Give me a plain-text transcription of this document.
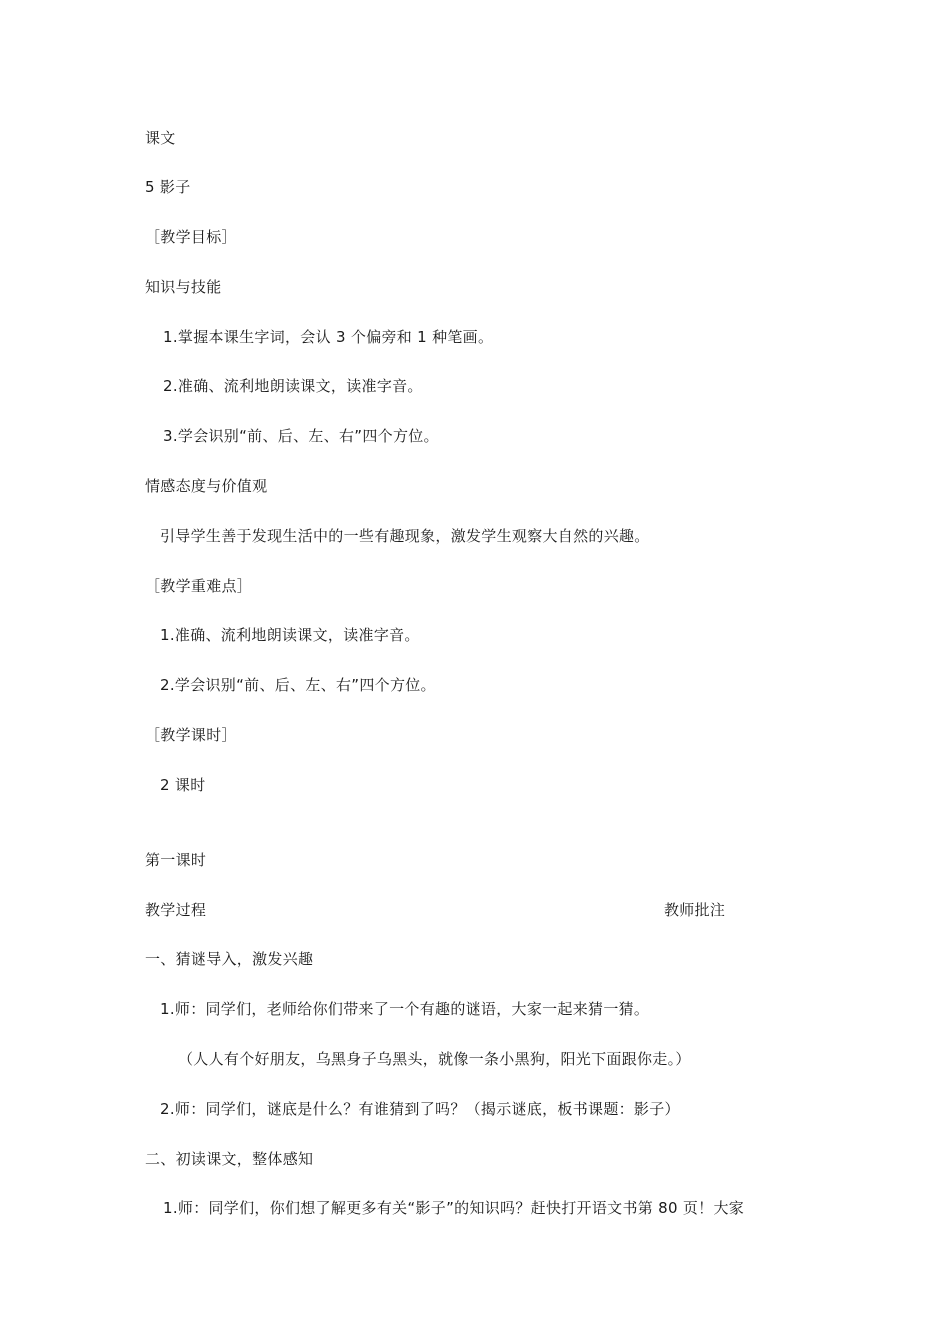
课文
5 影子
［教学目标］
知识与技能
1.掌握本课生字词，会认 3 个偏旁和 1 种笔画。
2.准确、流利地朗读课文，读准字音。
3.学会识别“前、后、左、右”四个方位。
情感态度与价值观
引导学生善于发现生活中的一些有趣现象，激发学生观察大自然的兴趣。
［教学重难点］
1.准确、流利地朗读课文，读准字音。
2.学会识别“前、后、左、右”四个方位。
［教学课时］
2 课时
第一课时
教学过程	教师批注
一、猜谜导入，激发兴趣
1.师：同学们，老师给你们带来了一个有趣的谜语，大家一起来猜一猜。
（人人有个好朋友，乌黑身子乌黑头，就像一条小黑狗，阳光下面跟你走。）
2.师：同学们，谜底是什么？有谁猜到了吗？（揭示谜底，板书课题：影子）
二、初读课文，整体感知
1.师：同学们，你们想了解更多有关“影子”的知识吗？赶快打开语文书第 80 页！大家
